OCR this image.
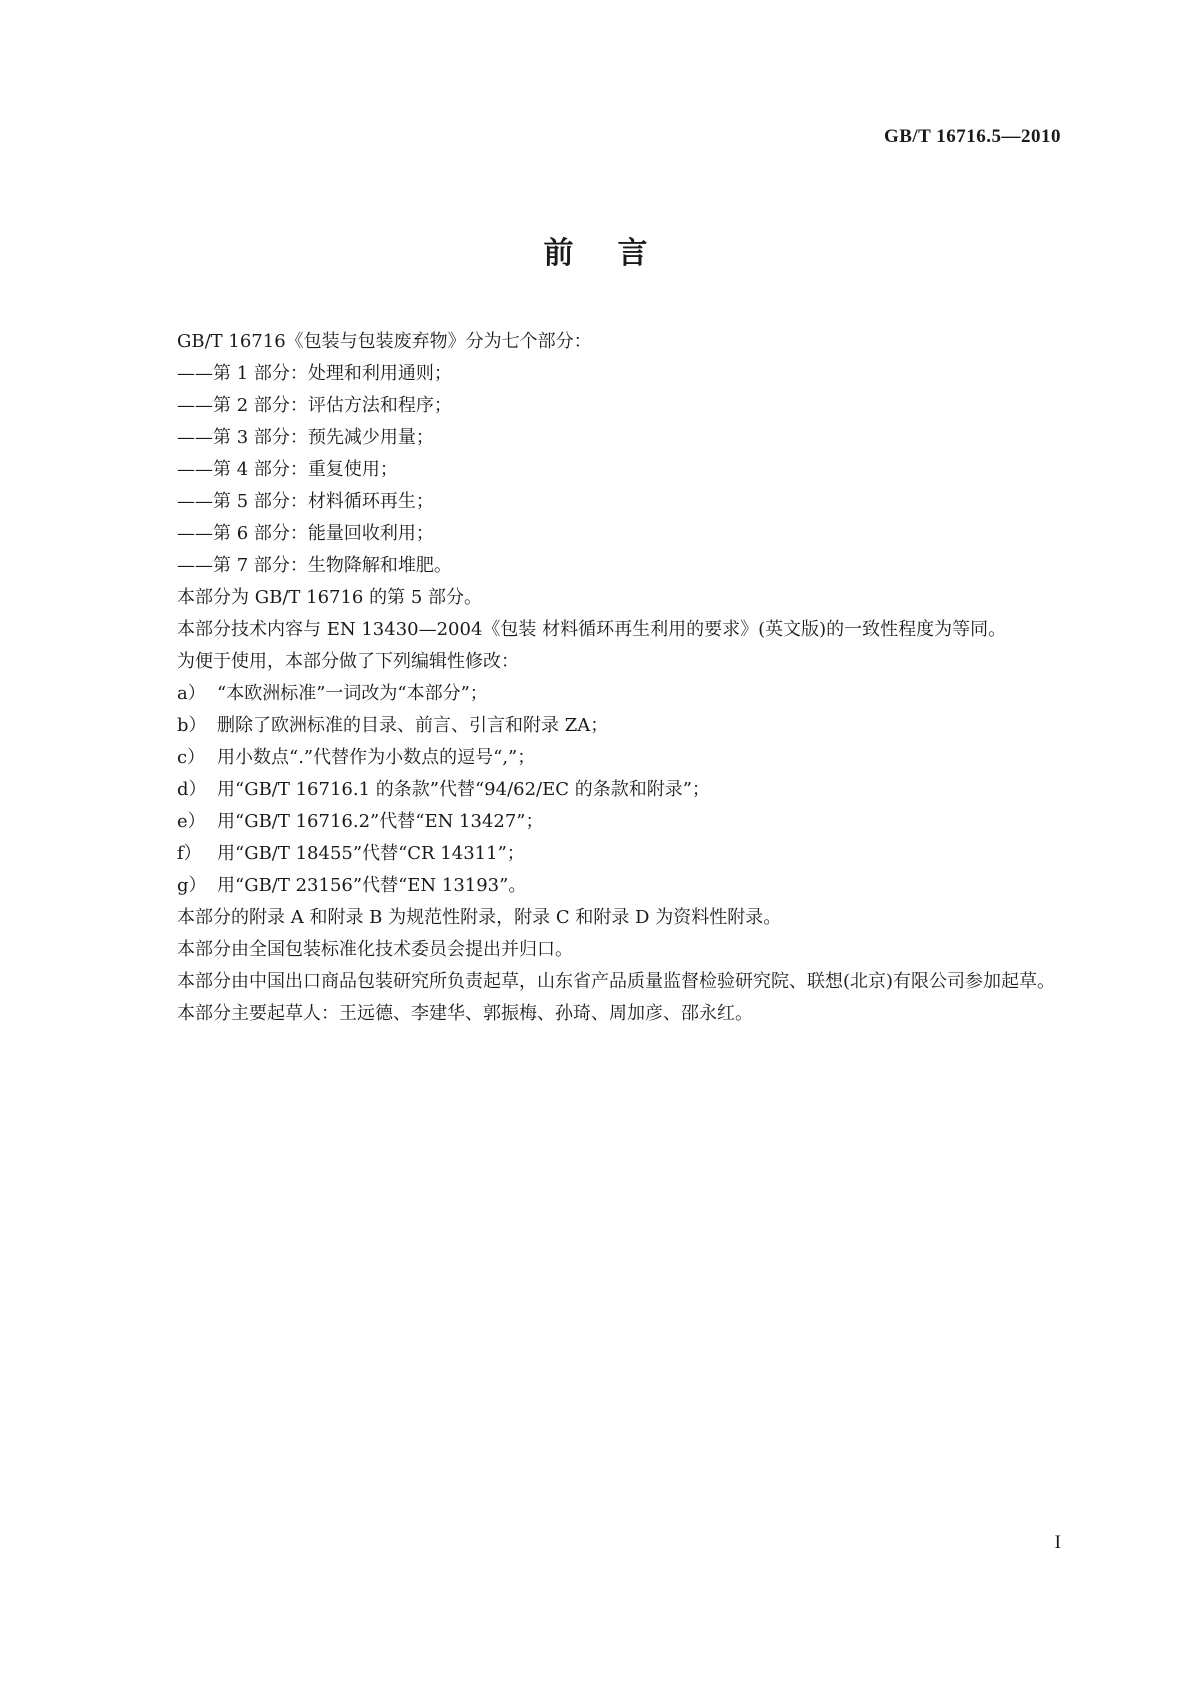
GB/T 16716.5—2010
前言

GB/T 16716《包装与包装废弃物》分为七个部分：

——第 1 部分：处理和利用通则；

——第 2 部分：评估方法和程序；

——第 3 部分：预先减少用量；

——第 4 部分：重复使用；

——第 5 部分：材料循环再生；

——第 6 部分：能量回收利用；

——第 7 部分：生物降解和堆肥。

本部分为 GB/T 16716 的第 5 部分。

本部分技术内容与 EN 13430—2004《包装 材料循环再生利用的要求》(英文版)的一致性程度为等同。

为便于使用，本部分做了下列编辑性修改：

a） “本欧洲标准”一词改为“本部分”；

b） 删除了欧洲标准的目录、前言、引言和附录 ZA；

c） 用小数点“.”代替作为小数点的逗号“,”；

d） 用“GB/T 16716.1 的条款”代替“94/62/EC 的条款和附录”；

e） 用“GB/T 16716.2”代替“EN 13427”；

f） 用“GB/T 18455”代替“CR 14311”；

g） 用“GB/T 23156”代替“EN 13193”。

本部分的附录 A 和附录 B 为规范性附录，附录 C 和附录 D 为资料性附录。

本部分由全国包装标准化技术委员会提出并归口。

本部分由中国出口商品包装研究所负责起草，山东省产品质量监督检验研究院、联想(北京)有限公司参加起草。

本部分主要起草人：王远德、李建华、郭振梅、孙琦、周加彦、邵永红。

I
